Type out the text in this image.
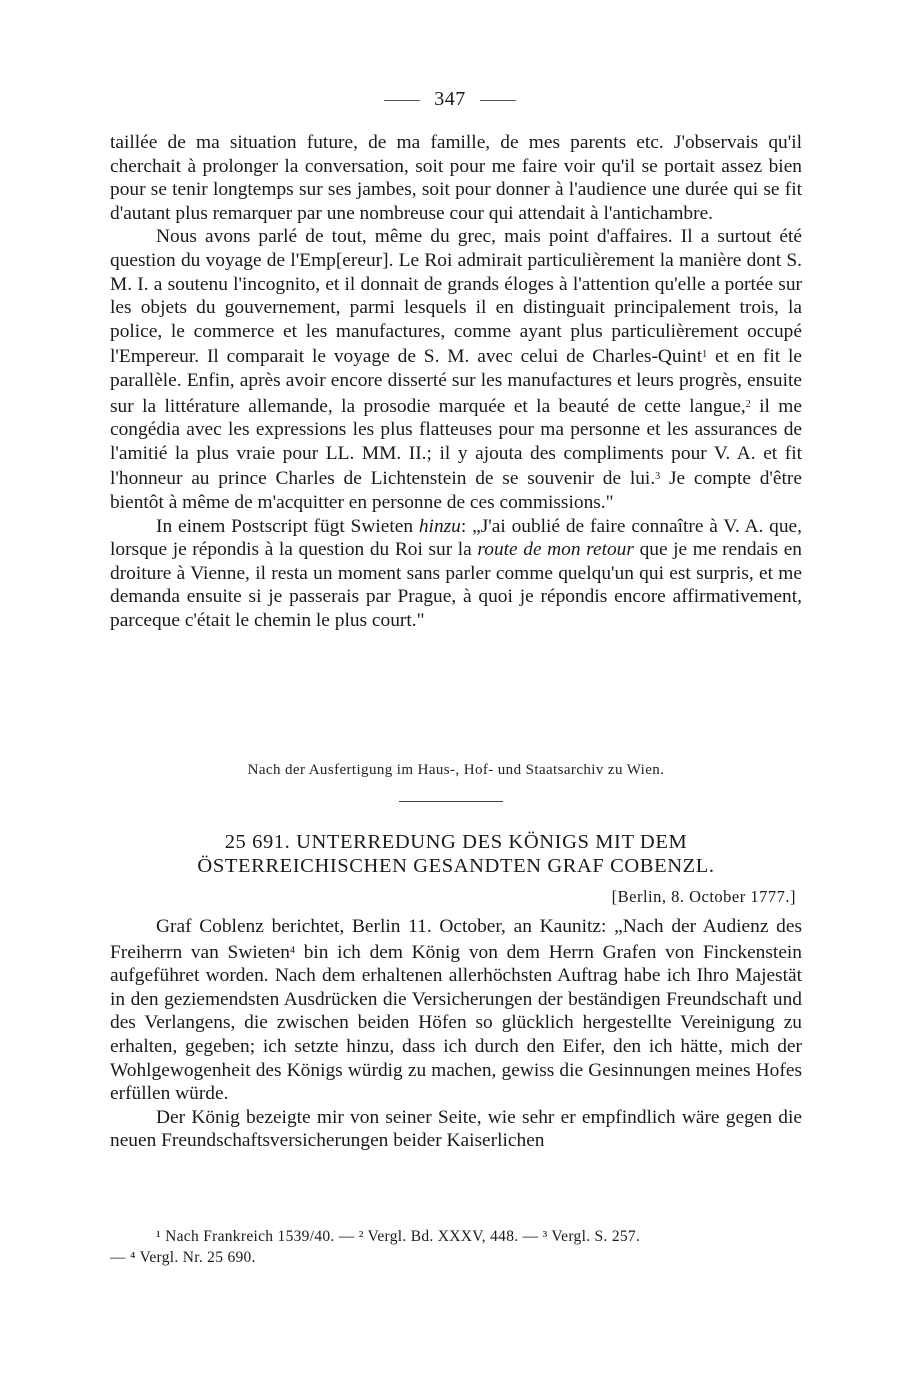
347

taillée de ma situation future, de ma famille, de mes parents etc. J'observais qu'il cherchait à prolonger la conversation, soit pour me faire voir qu'il se portait assez bien pour se tenir longtemps sur ses jambes, soit pour donner à l'audience une durée qui se fit d'autant plus remarquer par une nombreuse cour qui attendait à l'antichambre.

Nous avons parlé de tout, même du grec, mais point d'affaires. Il a surtout été question du voyage de l'Emp[ereur]. Le Roi admirait particulièrement la manière dont S. M. I. a soutenu l'incognito, et il donnait de grands éloges à l'attention qu'elle a portée sur les objets du gouvernement, parmi lesquels il en distinguait principalement trois, la police, le commerce et les manufactures, comme ayant plus particulièrement occupé l'Empereur. Il comparait le voyage de S. M. avec celui de Charles-Quint$^1$ et en fit le parallèle. Enfin, après avoir encore disserté sur les manufactures et leurs progrès, ensuite sur la littérature allemande, la prosodie marquée et la beauté de cette langue,$^2$ il me congédia avec les expressions les plus flatteuses pour ma personne et les assurances de l'amitié la plus vraie pour LL. MM. II.; il y ajouta des compliments pour V. A. et fit l'honneur au prince Charles de Lichtenstein de se souvenir de lui.$^3$ Je compte d'être bientôt à même de m'acquitter en personne de ces commissions."

In einem Postscript fügt Swieten hinzu: „J'ai oublié de faire connaître à V. A. que, lorsque je répondis à la question du Roi sur la route de mon retour que je me rendais en droiture à Vienne, il resta un moment sans parler comme quelqu'un qui est surpris, et me demanda ensuite si je passerais par Prague, à quoi je répondis encore affirmativement, parceque c'était le chemin le plus court."

Nach der Ausfertigung im Haus-, Hof- und Staatsarchiv zu Wien.
25 691. UNTERREDUNG DES KÖNIGS MIT DEM
ÖSTERREICHISCHEN GESANDTEN GRAF COBENZL.
[Berlin, 8. October 1777.]

Graf Coblenz berichtet, Berlin 11. October, an Kaunitz: „Nach der Audienz des Freiherrn van Swieten$^4$ bin ich dem König von dem Herrn Grafen von Finckenstein aufgeführet worden. Nach dem erhaltenen allerhöchsten Auftrag habe ich Ihro Majestät in den geziemendsten Ausdrücken die Versicherungen der beständigen Freundschaft und des Verlangens, die zwischen beiden Höfen so glücklich hergestellte Vereinigung zu erhalten, gegeben; ich setzte hinzu, dass ich durch den Eifer, den ich hätte, mich der Wohlgewogenheit des Königs würdig zu machen, gewiss die Gesinnungen meines Hofes erfüllen würde.

Der König bezeigte mir von seiner Seite, wie sehr er empfindlich wäre gegen die neuen Freundschaftsversicherungen beider Kaiserlichen

¹ Nach Frankreich 1539/40. — ² Vergl. Bd. XXXV, 448. — ³ Vergl. S. 257.

— ⁴ Vergl. Nr. 25 690.
